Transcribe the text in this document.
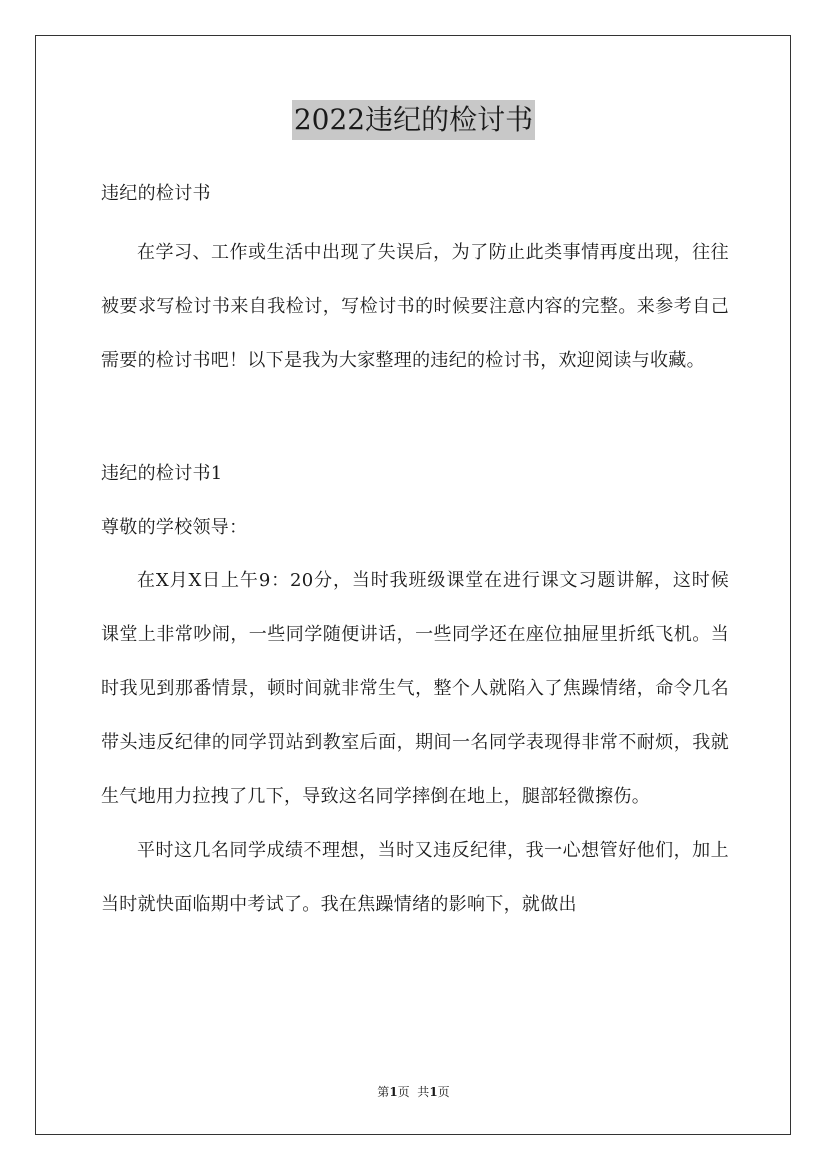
2022违纪的检讨书
违纪的检讨书

在学习、工作或生活中出现了失误后，为了防止此类事情再度出现，往往被要求写检讨书来自我检讨，写检讨书的时候要注意内容的完整。来参考自己需要的检讨书吧！以下是我为大家整理的违纪的检讨书，欢迎阅读与收藏。

违纪的检讨书1
尊敬的学校领导：

在X月X日上午9：20分，当时我班级课堂在进行课文习题讲解，这时候课堂上非常吵闹，一些同学随便讲话，一些同学还在座位抽屉里折纸飞机。当时我见到那番情景，顿时间就非常生气，整个人就陷入了焦躁情绪，命令几名带头违反纪律的同学罚站到教室后面，期间一名同学表现得非常不耐烦，我就生气地用力拉拽了几下，导致这名同学摔倒在地上，腿部轻微擦伤。

平时这几名同学成绩不理想，当时又违反纪律，我一心想管好他们，加上当时就快面临期中考试了。我在焦躁情绪的影响下，就做出

第1页  共1页
